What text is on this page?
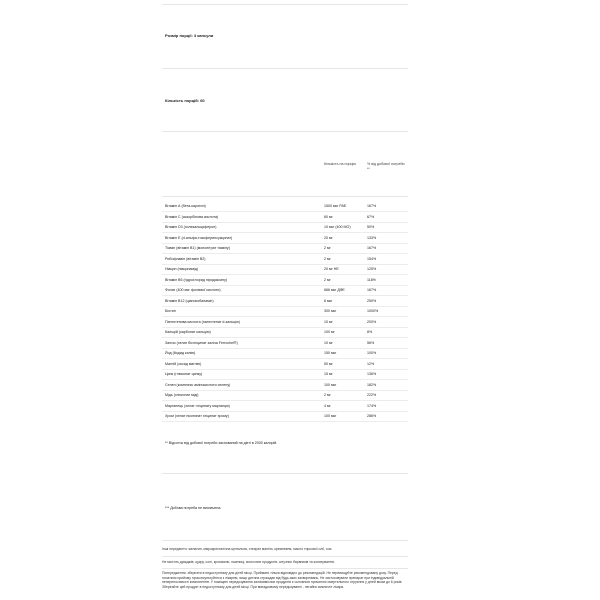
Розмір порції: 3 капсули
Кількість порцій: 60
Кількість на порцію	% від добової потреби **
Вітамін А (бета-каротин)	1500 мкг РАЕ	167%
Вітамін С (аскорбінова кислота)	60 мг	67%
Вітамін D3 (холекальциферол)	10 мкг (400 МО)	50%
Вітамін Е (d-альфа-токоферилсукцинат)	20 мг	133%
Тіамін (вітамін В1) (мононітрат тіаміну)	2 мг	167%
Рибофлавін (вітамін В2)	2 мг	154%
Ніацин (ніацинамід)	20 мг НЕ	125%
Вітамін В6 (гідрохлорид піридоксину)	2 мг	118%
Фолат (400 мкг фолієвої кислоти)	666 мкг ДФЕ	167%
Вітамін В12 (ціанокобаламін)	6 мкг	250%
Біотин	300 мкг	1000%
Пантотенова кислота (пантотенат d-кальцію)	10 мг	200%
Кальцій (карбонат кальцію)	100 мг	8%
Залізо (хелат бісгліцинат заліза Ferrochel®)	10 мг	56%
Йод (йодид калію)	150 мкг	100%
Магній (оксид магнію)	50 мг	12%
Цинк (глюконат цинку)	15 мг	136%
Селен (комплекс амінокислоти селену)	100 мкг	182%
Мідь (глюконат міді)	2 мг	222%
Марганець (хелат гліцинату марганцю)	4 мг	174%
Хром (хелат нікотинат гліцинат хрому)	100 мкг	286%
** Відсоток від добової потреби заснований на дієті в 2000 калорій.
*** Добова потреба не визначена.
Інші інгредієнти: желатин, мікрокристалічна целюлоза, стеарат магнію, кремнезем, масло тирсової олії, соя.
Не містить дріжджів, цукру, солі, крохмалю, пшениці, молочних продуктів, штучних барвників та консервантів.
Попередження: зберігати в недоступному для дітей місці. Приймати тільки відповідно до рекомендацій. Не перевищуйте рекомендовану дозу. Перед початком прийому проконсультуйтеся з лікарем, якщо дитина страждає від будь-яких захворювань. Не застосовувати препарат при індивідуальній непереносимості компонентів. У поміщені передозування залізовмісних продуктів є основною причиною смертельного отруєння у дітей віком до 6 років. Зберігайте цей продукт в недоступному для дітей місці. При випадковому передозуванні - негайно викличте лікаря.
